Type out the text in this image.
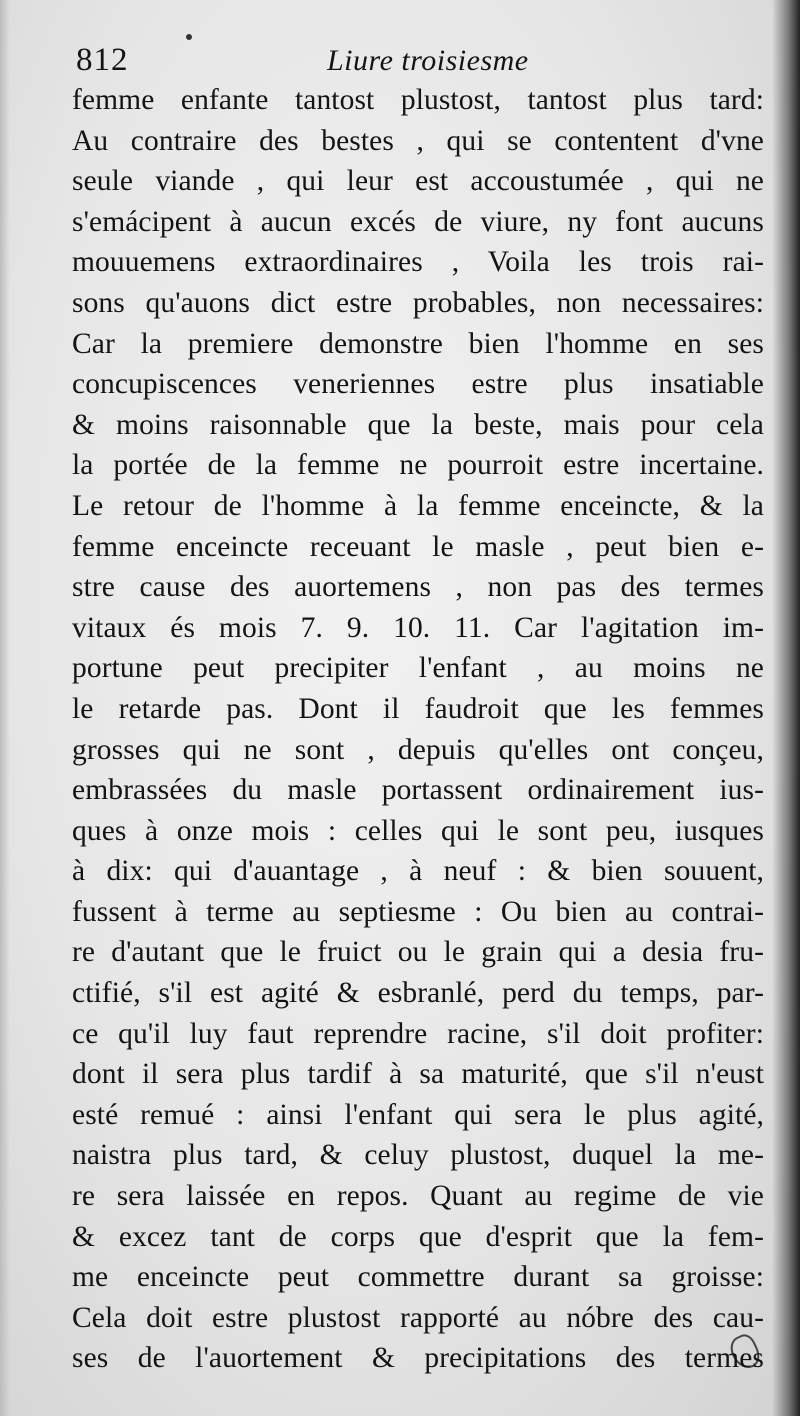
812	Liure troisiesme
femme enfante tantost plustost, tantost plus tard:
Au contraire des bestes , qui se contentent d'vne
seule viande , qui leur est accoustumée , qui ne
s'emácipent à aucun excés de viure, ny font aucuns
mouuemens extraordinaires , Voila les trois rai-
sons qu'auons dict estre probables, non necessaires:
Car la premiere demonstre bien l'homme en ses
concupiscences veneriennes estre plus insatiable
& moins raisonnable que la beste, mais pour cela
la portée de la femme ne pourroit estre incertaine.
Le retour de l'homme à la femme enceincte, & la
femme enceincte receuant le masle , peut bien e-
stre cause des auortemens , non pas des termes
vitaux és mois 7. 9. 10. 11. Car l'agitation im-
portune peut precipiter l'enfant , au moins ne
le retarde pas. Dont il faudroit que les femmes
grosses qui ne sont , depuis qu'elles ont conçeu,
embrassées du masle portassent ordinairement ius-
ques à onze mois : celles qui le sont peu, iusques
à dix: qui d'auantage , à neuf : & bien souuent,
fussent à terme au septiesme : Ou bien au contrai-
re d'autant que le fruict ou le grain qui a desia fru-
ctifié, s'il est agité & esbranlé, perd du temps, par-
ce qu'il luy faut reprendre racine, s'il doit profiter:
dont il sera plus tardif à sa maturité, que s'il n'eust
esté remué : ainsi l'enfant qui sera le plus agité,
naistra plus tard, & celuy plustost, duquel la me-
re sera laissée en repos. Quant au regime de vie
& excez tant de corps que d'esprit que la fem-
me enceincte peut commettre durant sa groisse:
Cela doit estre plustost rapporté au nóbre des cau-
ses de l'auortement & precipitations des termes
